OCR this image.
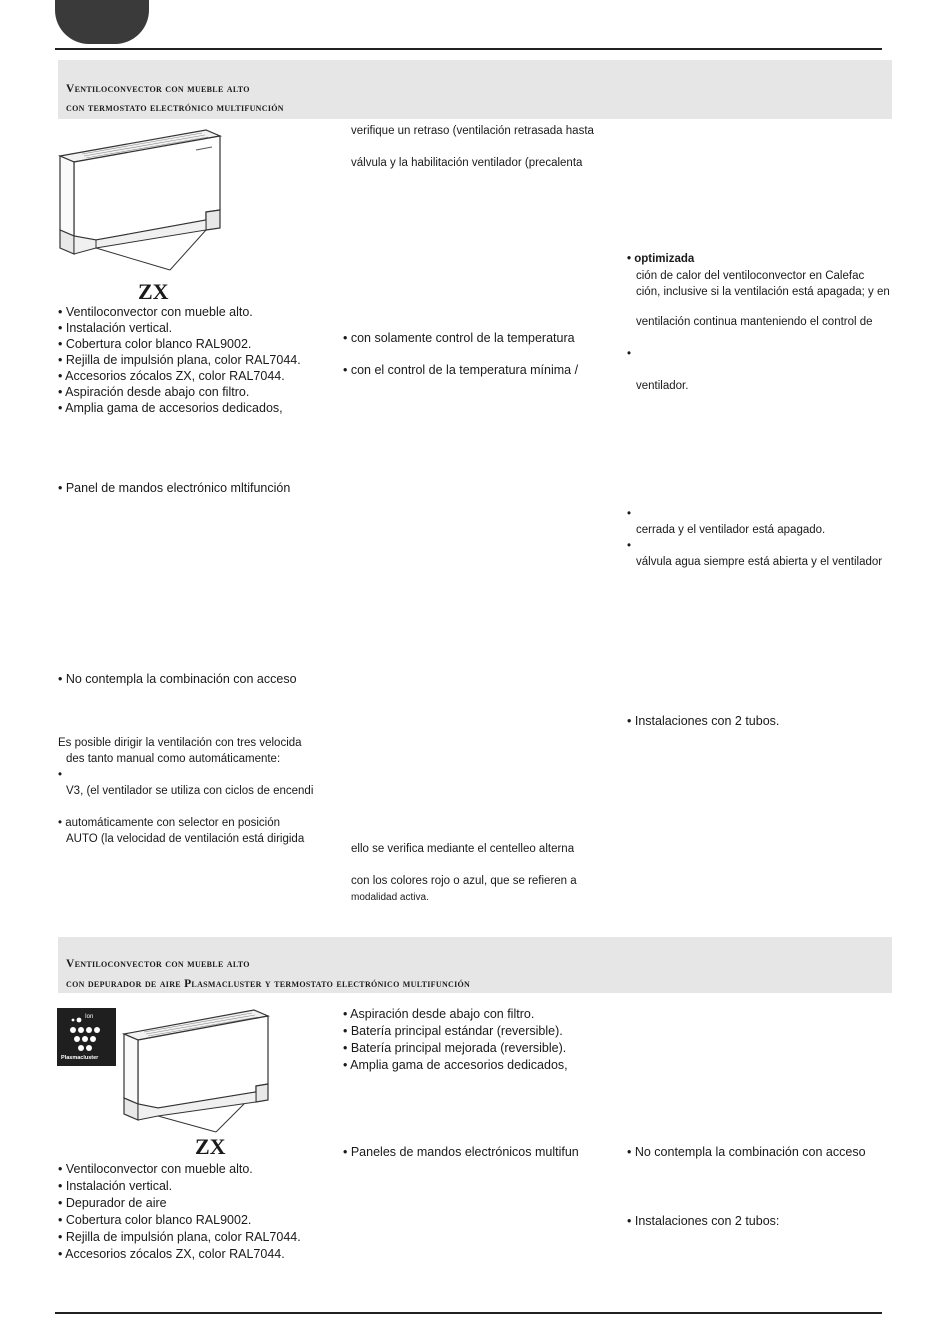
Ventiloconvector con mueble alto
con termostato electrónico multifunción
ZX
• Ventiloconvector con mueble alto.
• Instalación vertical.
• Cobertura color blanco RAL9002.
• Rejilla de impulsión plana, color RAL7044.
• Accesorios zócalos ZX, color RAL7044.
• Aspiración desde abajo con filtro.
• Amplia gama de accesorios dedicados,
• Panel de mandos electrónico mltifunción
• No contempla la combinación con acceso
Es posible dirigir la ventilación con tres velocida
des tanto manual como automáticamente:
•
V3, (el ventilador se utiliza con ciclos de encendi
• automáticamente con selector en posición
AUTO (la velocidad de ventilación está dirigida
verifique un retraso (ventilación retrasada hasta
válvula y la habilitación ventilador (precalenta
• con solamente control de la temperatura
• con el control de la temperatura mínima /
ello se verifica mediante el centelleo alterna
con los colores rojo o azul, que se refieren a
modalidad activa.
• optimizada
ción de calor del ventiloconvector en Calefac
ción, inclusive si la ventilación está apagada; y en
ventilación continua manteniendo el control de
•
ventilador.
•
cerrada y el ventilador está apagado.
•
válvula agua siempre está abierta y el ventilador
• Instalaciones con 2 tubos.
Ventiloconvector con mueble alto
con depurador de aire Plasmacluster y termostato electrónico multifunción
Ion
Plasmacluster
ZX
• Ventiloconvector con mueble alto.
• Instalación vertical.
• Depurador de aire
• Cobertura color blanco RAL9002.
• Rejilla de impulsión plana, color RAL7044.
• Accesorios zócalos ZX, color RAL7044.
• Aspiración desde abajo con filtro.
• Batería principal estándar (reversible).
• Batería principal mejorada (reversible).
• Amplia gama de accesorios dedicados,
• Paneles de mandos electrónicos multifun	• No contempla la combinación con acceso
• Instalaciones con 2 tubos:
